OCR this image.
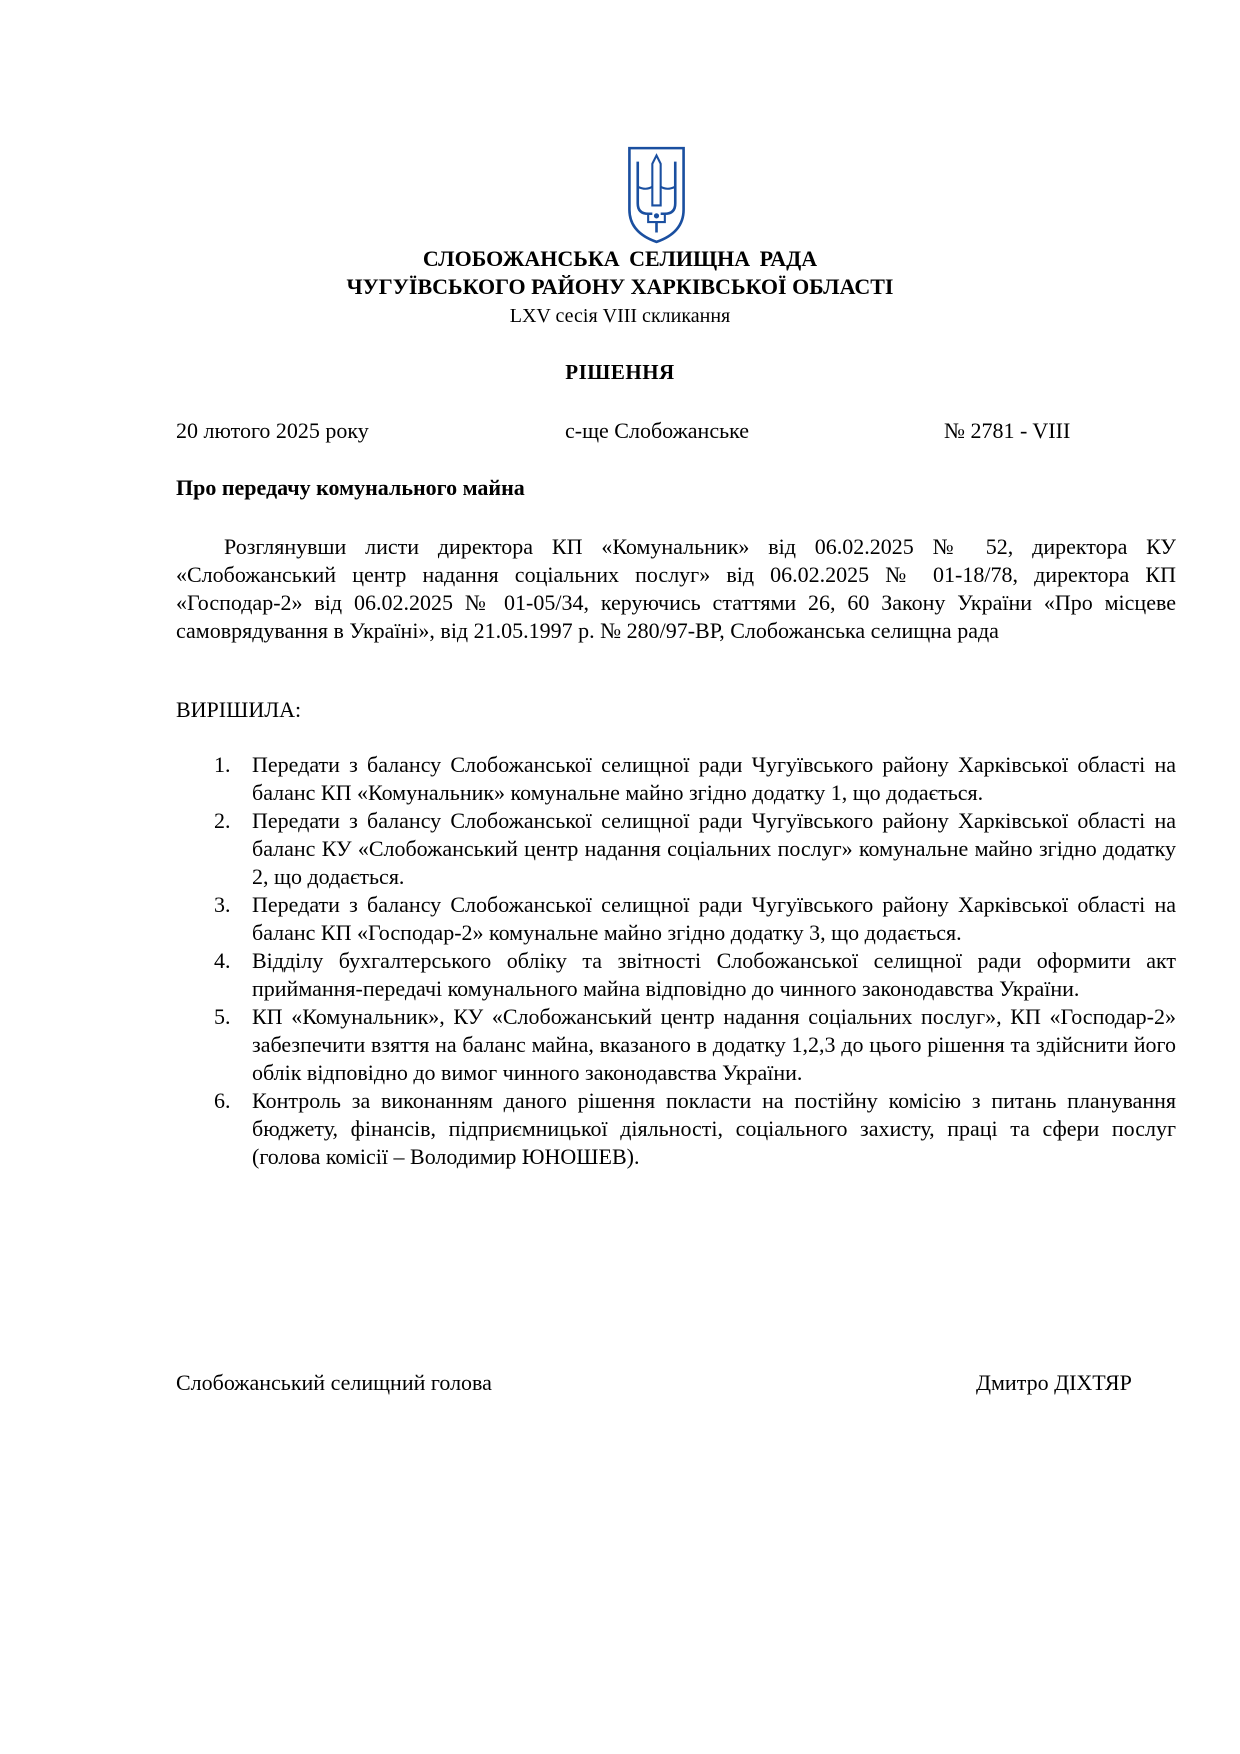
СЛОБОЖАНСЬКА СЕЛИЩНА РАДА
ЧУГУЇВСЬКОГО РАЙОНУ ХАРКІВСЬКОЇ ОБЛАСТІ
LXV сесія VIII скликання
РІШЕННЯ
20 лютого 2025 року	с-ще Слобожанське	№ 2781 - VIII
Про передачу комунального майна

Розглянувши листи директора КП «Комунальник» від 06.02.2025 № 52, директора КУ «Слобожанський центр надання соціальних послуг» від 06.02.2025 № 01-18/78, директора КП «Господар-2» від 06.02.2025 № 01-05/34, керуючись статтями 26, 60 Закону України «Про місцеве самоврядування в Україні», від 21.05.1997 р. № 280/97-ВР, Слобожанська селищна рада

ВИРІШИЛА:
1. Передати з балансу Слобожанської селищної ради Чугуївського району Харківської області на баланс КП «Комунальник» комунальне майно згідно додатку 1, що додається.
2. Передати з балансу Слобожанської селищної ради Чугуївського району Харківської області на баланс КУ «Слобожанський центр надання соціальних послуг» комунальне майно згідно додатку 2, що додається.
3. Передати з балансу Слобожанської селищної ради Чугуївського району Харківської області на баланс КП «Господар-2» комунальне майно згідно додатку 3, що додається.
4. Відділу бухгалтерського обліку та звітності Слобожанської селищної ради оформити акт приймання-передачі комунального майна відповідно до чинного законодавства України.
5. КП «Комунальник», КУ «Слобожанський центр надання соціальних послуг», КП «Господар-2» забезпечити взяття на баланс майна, вказаного в додатку 1,2,3 до цього рішення та здійснити його облік відповідно до вимог чинного законодавства України.
6. Контроль за виконанням даного рішення покласти на постійну комісію з питань планування бюджету, фінансів, підприємницької діяльності, соціального захисту, праці та сфери послуг (голова комісії – Володимир ЮНОШЕВ).
Слобожанський селищний голова	Дмитро ДІХТЯР
